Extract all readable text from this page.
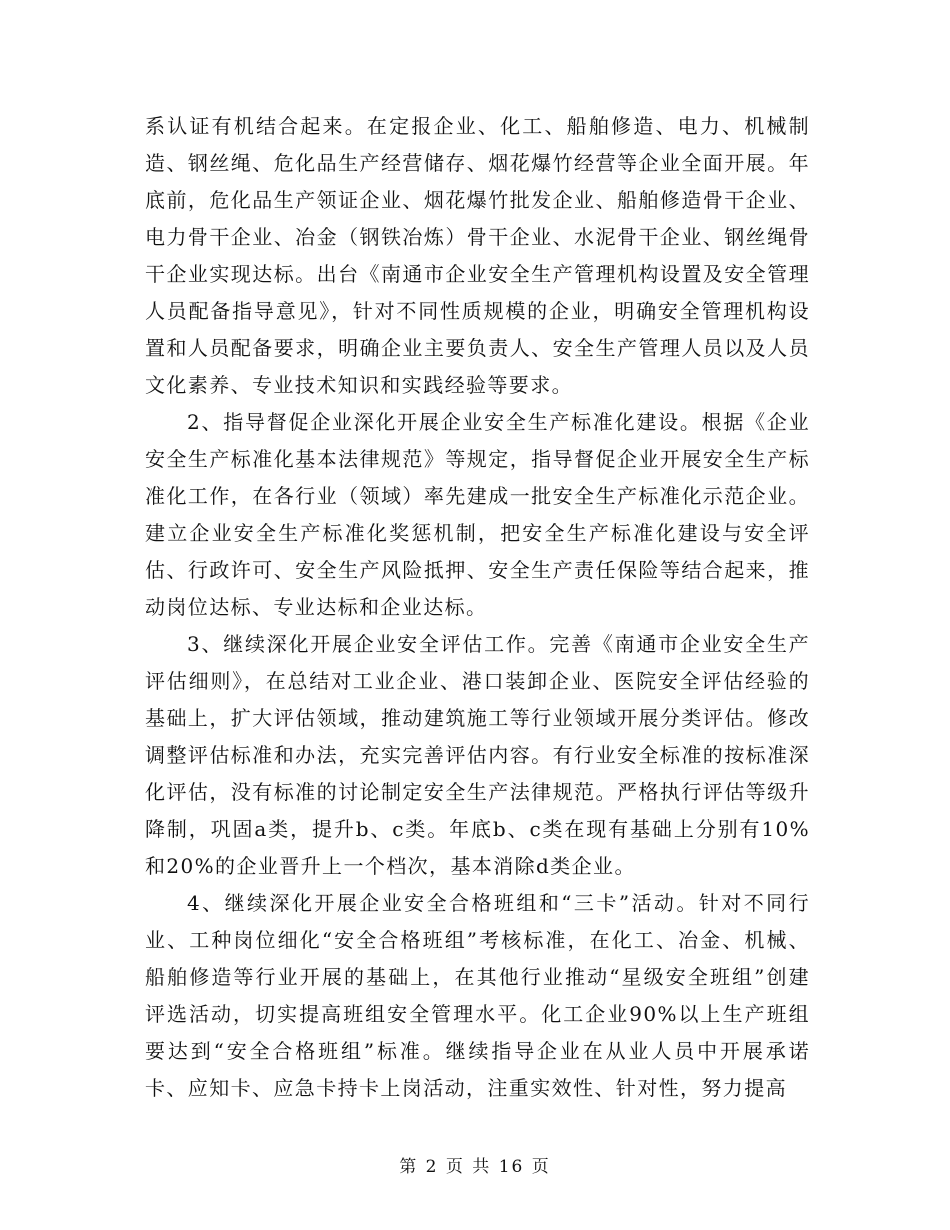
系认证有机结合起来。在定报企业、化工、船舶修造、电力、机械制造、钢丝绳、危化品生产经营储存、烟花爆竹经营等企业全面开展。年底前，危化品生产领证企业、烟花爆竹批发企业、船舶修造骨干企业、电力骨干企业、冶金（钢铁冶炼）骨干企业、水泥骨干企业、钢丝绳骨干企业实现达标。出台《南通市企业安全生产管理机构设置及安全管理人员配备指导意见》，针对不同性质规模的企业，明确安全管理机构设置和人员配备要求，明确企业主要负责人、安全生产管理人员以及人员文化素养、专业技术知识和实践经验等要求。

2、指导督促企业深化开展企业安全生产标准化建设。根据《企业安全生产标准化基本法律规范》等规定，指导督促企业开展安全生产标准化工作，在各行业（领域）率先建成一批安全生产标准化示范企业。建立企业安全生产标准化奖惩机制，把安全生产标准化建设与安全评估、行政许可、安全生产风险抵押、安全生产责任保险等结合起来，推动岗位达标、专业达标和企业达标。

3、继续深化开展企业安全评估工作。完善《南通市企业安全生产评估细则》，在总结对工业企业、港口装卸企业、医院安全评估经验的基础上，扩大评估领域，推动建筑施工等行业领域开展分类评估。修改调整评估标准和办法，充实完善评估内容。有行业安全标准的按标准深化评估，没有标准的讨论制定安全生产法律规范。严格执行评估等级升降制，巩固a类，提升b、c类。年底b、c类在现有基础上分别有10%和20%的企业晋升上一个档次，基本消除d类企业。

4、继续深化开展企业安全合格班组和“三卡”活动。针对不同行业、工种岗位细化“安全合格班组”考核标准，在化工、冶金、机械、船舶修造等行业开展的基础上，在其他行业推动“星级安全班组”创建评选活动，切实提高班组安全管理水平。化工企业90%以上生产班组要达到“安全合格班组”标准。继续指导企业在从业人员中开展承诺卡、应知卡、应急卡持卡上岗活动，注重实效性、针对性，努力提高

第 2 页 共 16 页
